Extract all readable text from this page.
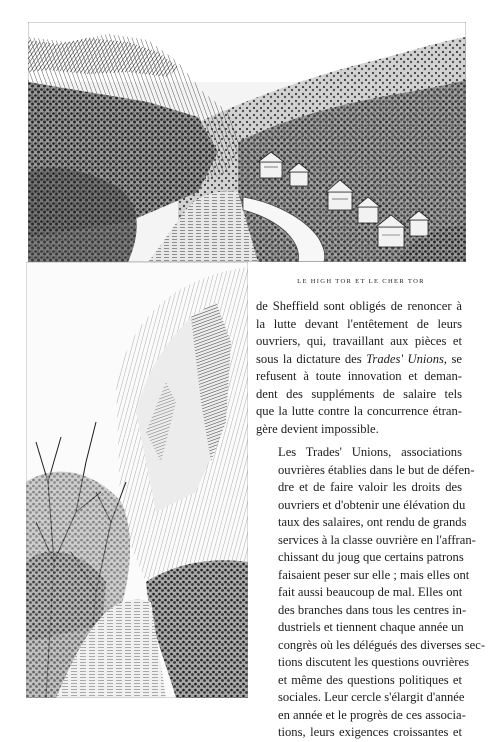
LE HIGH TOR ET LE CHER TOR

de Sheffield sont obligés de renoncer à
la lutte devant l'entêtement de leurs
ouvriers, qui, travaillant aux pièces et
sous la dictature des Trades' Unions, se
refusent à toute innovation et deman-
dent des suppléments de salaire tels
que la lutte contre la concurrence étran-
gère devient impossible.

Les Trades' Unions, associations
ouvrières établies dans le but de défen-
dre et de faire valoir les droits des
ouvriers et d'obtenir une élévation du
taux des salaires, ont rendu de grands
services à la classe ouvrière en l'affran-
chissant du joug que certains patrons
faisaient peser sur elle ; mais elles ont
fait aussi beaucoup de mal. Elles ont
des branches dans tous les centres in-
dustriels et tiennent chaque année un
congrès où les délégués des diverses sec-
tions discutent les questions ouvrières
et même des questions politiques et
sociales. Leur cercle s'élargit d'année
en année et le progrès de ces associa-
tions, leurs exigences croissantes et
